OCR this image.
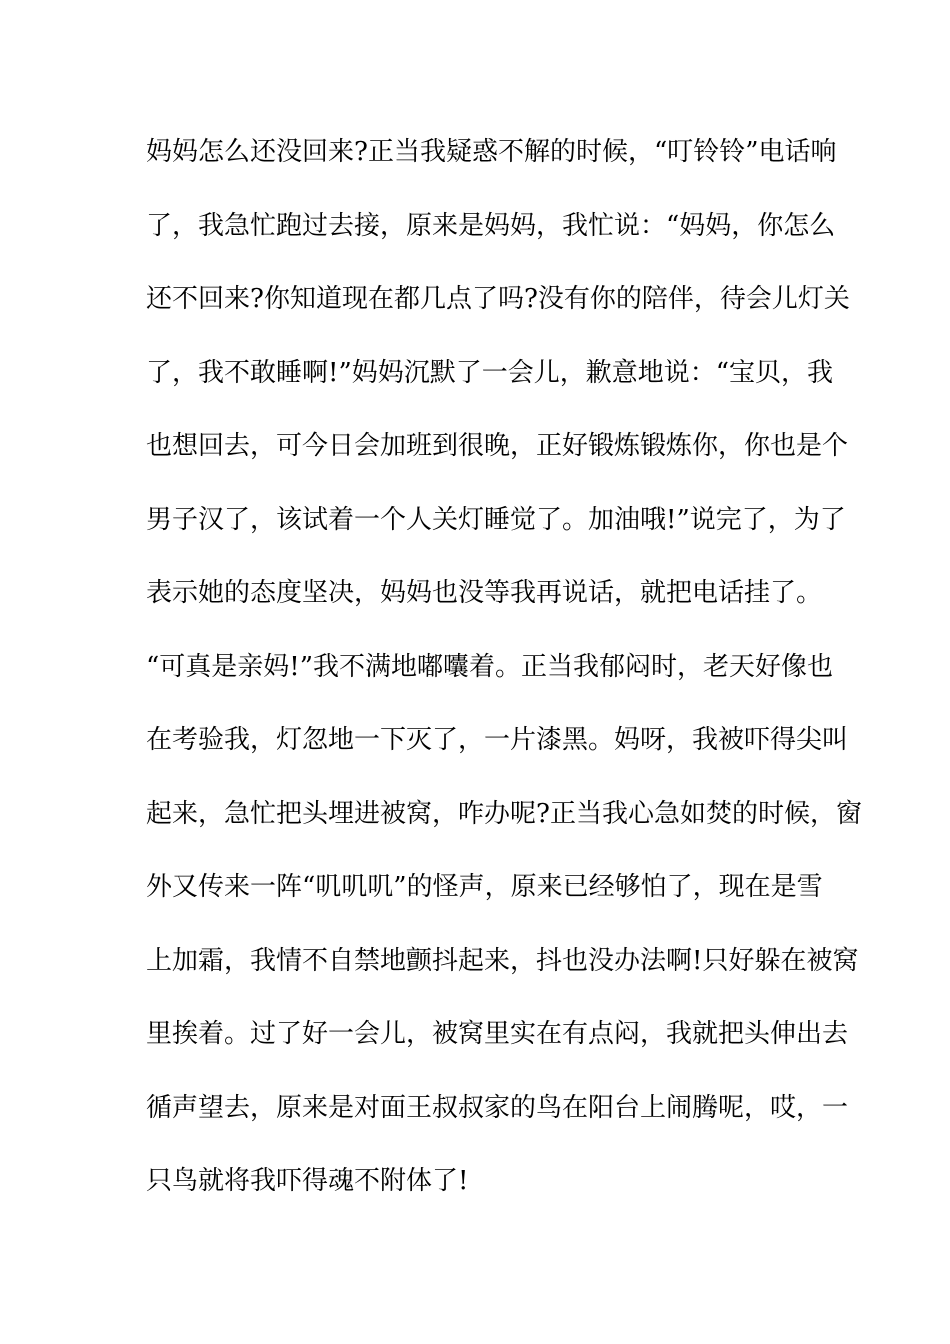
妈妈怎么还没回来?正当我疑惑不解的时候，“叮铃铃”电话响
了，我急忙跑过去接，原来是妈妈，我忙说：“妈妈，你怎么
还不回来?你知道现在都几点了吗?没有你的陪伴，待会儿灯关
了，我不敢睡啊!”妈妈沉默了一会儿，歉意地说：“宝贝，我
也想回去，可今日会加班到很晚，正好锻炼锻炼你，你也是个
男子汉了，该试着一个人关灯睡觉了。加油哦!”说完了，为了
表示她的态度坚决，妈妈也没等我再说话，就把电话挂了。
“可真是亲妈!”我不满地嘟囔着。正当我郁闷时，老天好像也
在考验我，灯忽地一下灭了，一片漆黑。妈呀，我被吓得尖叫
起来，急忙把头埋进被窝，咋办呢?正当我心急如焚的时候，窗
外又传来一阵“叽叽叽”的怪声，原来已经够怕了，现在是雪
上加霜，我情不自禁地颤抖起来，抖也没办法啊!只好躲在被窝
里挨着。过了好一会儿，被窝里实在有点闷，我就把头伸出去
循声望去，原来是对面王叔叔家的鸟在阳台上闹腾呢，哎，一
只鸟就将我吓得魂不附体了!
